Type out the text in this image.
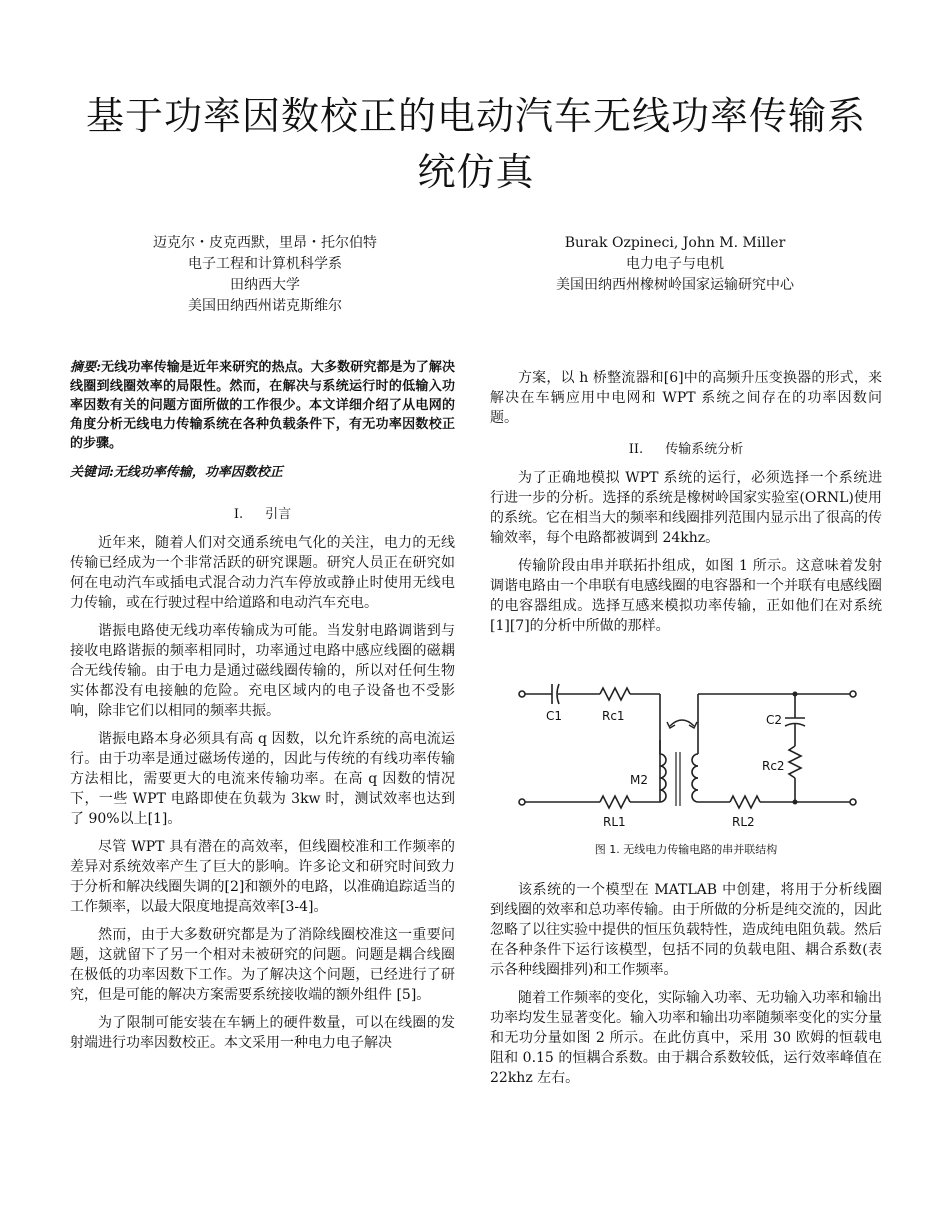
基于功率因数校正的电动汽车无线功率传输系
统仿真
迈克尔・皮克西默，里昂・托尔伯特
电子工程和计算机科学系
田纳西大学
美国田纳西州诺克斯维尔
Burak Ozpineci, John M. Miller
电力电子与电机
美国田纳西州橡树岭国家运输研究中心
摘要:无线功率传输是近年来研究的热点。大多数研究都是为了解决线圈到线圈效率的局限性。然而，在解决与系统运行时的低输入功率因数有关的问题方面所做的工作很少。本文详细介绍了从电网的角度分析无线电力传输系统在各种负载条件下，有无功率因数校正的步骤。
关键词:无线功率传输，功率因数校正
I. 引言

近年来，随着人们对交通系统电气化的关注，电力的无线传输已经成为一个非常活跃的研究课题。研究人员正在研究如何在电动汽车或插电式混合动力汽车停放或静止时使用无线电力传输，或在行驶过程中给道路和电动汽车充电。

谐振电路使无线功率传输成为可能。当发射电路调谐到与接收电路谐振的频率相同时，功率通过电路中感应线圈的磁耦合无线传输。由于电力是通过磁线圈传输的，所以对任何生物实体都没有电接触的危险。充电区域内的电子设备也不受影响，除非它们以相同的频率共振。

谐振电路本身必须具有高 q 因数，以允许系统的高电流运行。由于功率是通过磁场传递的，因此与传统的有线功率传输方法相比，需要更大的电流来传输功率。在高 q 因数的情况下，一些 WPT 电路即使在负载为 3kw 时，测试效率也达到了 90%以上[1]。

尽管 WPT 具有潜在的高效率，但线圈校准和工作频率的差异对系统效率产生了巨大的影响。许多论文和研究时间致力于分析和解决线圈失调的[2]和额外的电路，以准确追踪适当的工作频率，以最大限度地提高效率[3-4]。

然而，由于大多数研究都是为了消除线圈校准这一重要问题，这就留下了另一个相对未被研究的问题。问题是耦合线圈在极低的功率因数下工作。为了解决这个问题，已经进行了研究，但是可能的解决方案需要系统接收端的额外组件 [5]。

为了限制可能安装在车辆上的硬件数量，可以在线圈的发射端进行功率因数校正。本文采用一种电力电子解决

方案，以 h 桥整流器和[6]中的高频升压变换器的形式，来解决在车辆应用中电网和 WPT 系统之间存在的功率因数问题。

II. 传输系统分析

为了正确地模拟 WPT 系统的运行，必须选择一个系统进行进一步的分析。选择的系统是橡树岭国家实验室(ORNL)使用的系统。它在相当大的频率和线圈排列范围内显示出了很高的传输效率，每个电路都被调到 24khz。

传输阶段由串并联拓扑组成，如图 1 所示。这意味着发射调谐电路由一个串联有电感线圈的电容器和一个并联有电感线圈的电容器组成。选择互感来模拟功率传输，正如他们在对系统[1][7]的分析中所做的那样。

C1	Rc1
M2
RL1
C2
Rc2
RL2
图 1. 无线电力传输电路的串并联结构

该系统的一个模型在 MATLAB 中创建，将用于分析线圈到线圈的效率和总功率传输。由于所做的分析是纯交流的，因此忽略了以往实验中提供的恒压负载特性，造成纯电阻负载。然后在各种条件下运行该模型，包括不同的负载电阻、耦合系数(表示各种线圈排列)和工作频率。

随着工作频率的变化，实际输入功率、无功输入功率和输出功率均发生显著变化。输入功率和输出功率随频率变化的实分量和无功分量如图 2 所示。在此仿真中，采用 30 欧姆的恒载电阻和 0.15 的恒耦合系数。由于耦合系数较低，运行效率峰值在 22khz 左右。
